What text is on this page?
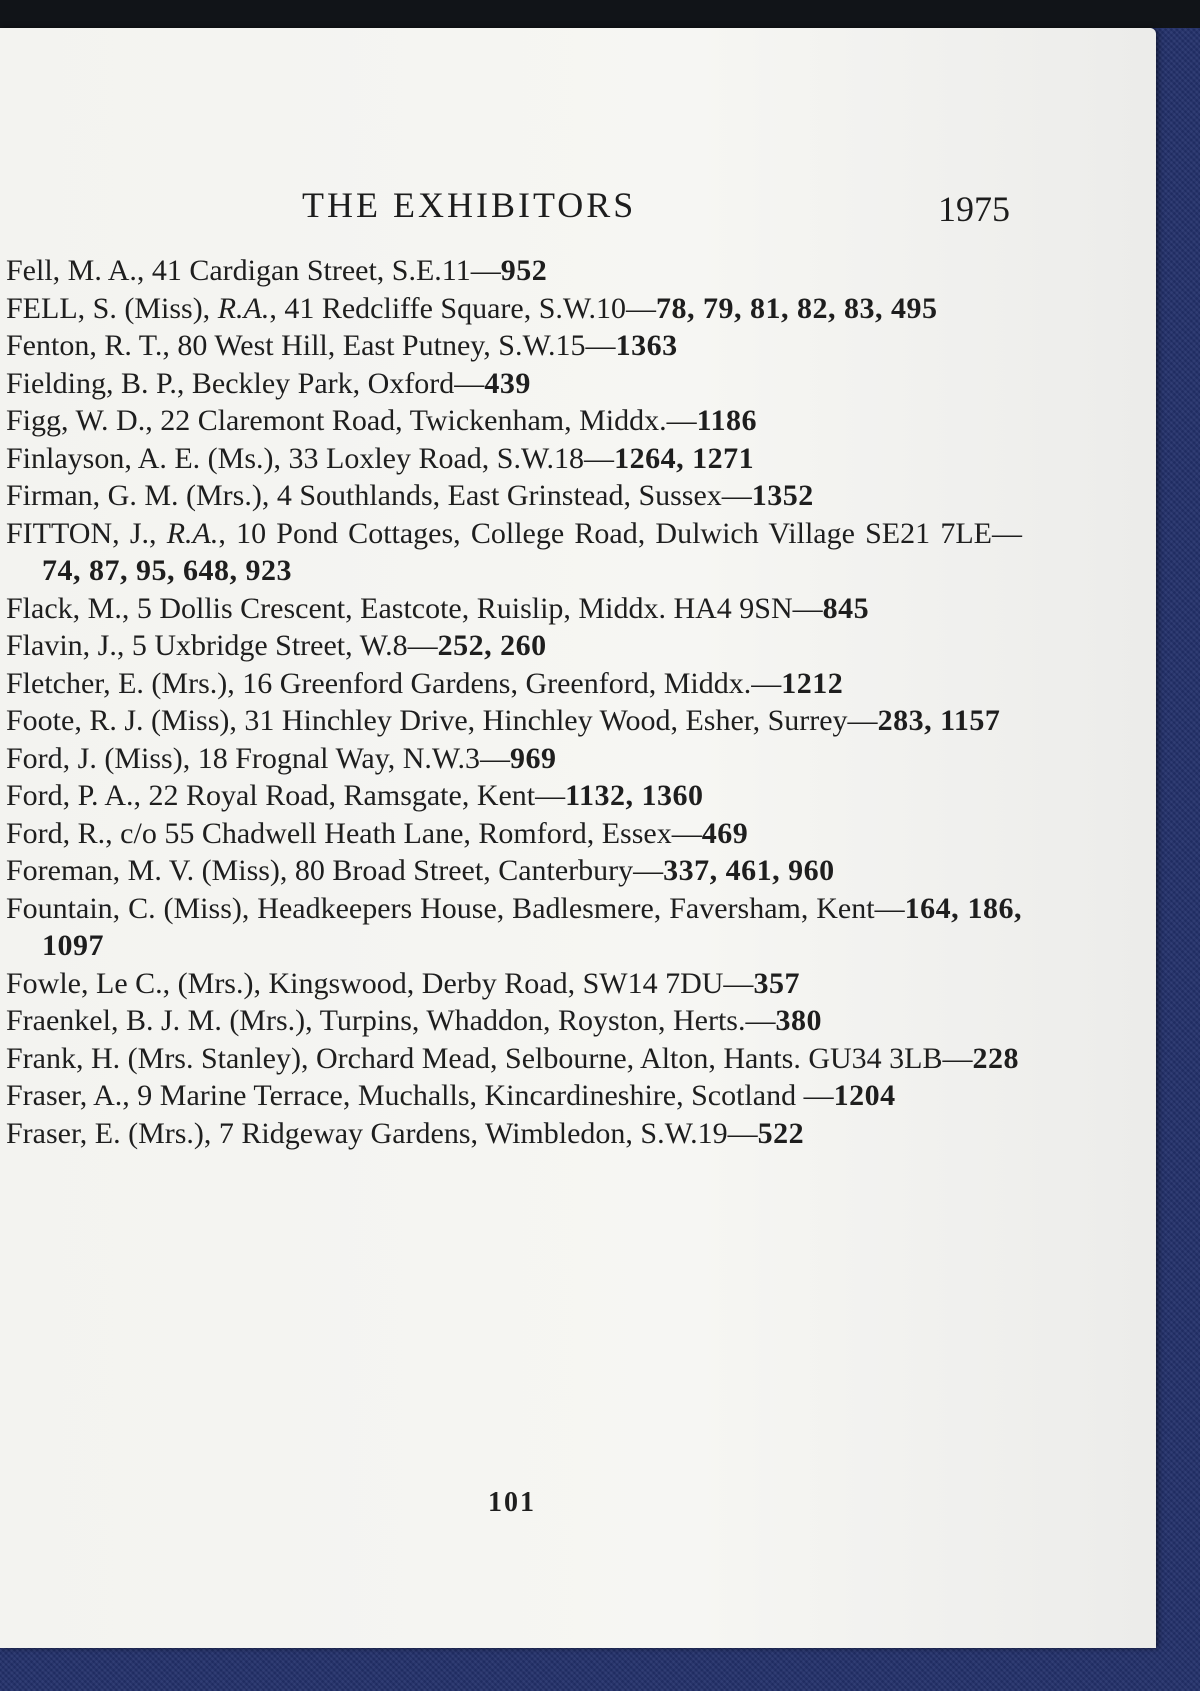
THE EXHIBITORS	1975
Fell, M. A., 41 Cardigan Street, S.E.11—952
FELL, S. (Miss), R.A., 41 Redcliffe Square, S.W.10—78, 79, 81, 82, 83, 495
Fenton, R. T., 80 West Hill, East Putney, S.W.15—1363
Fielding, B. P., Beckley Park, Oxford—439
Figg, W. D., 22 Claremont Road, Twickenham, Middx.—1186
Finlayson, A. E. (Ms.), 33 Loxley Road, S.W.18—1264, 1271
Firman, G. M. (Mrs.), 4 Southlands, East Grinstead, Sussex—1352
FITTON, J., R.A., 10 Pond Cottages, College Road, Dulwich Village SE21 7LE—74, 87, 95, 648, 923
Flack, M., 5 Dollis Crescent, Eastcote, Ruislip, Middx. HA4 9SN—845
Flavin, J., 5 Uxbridge Street, W.8—252, 260
Fletcher, E. (Mrs.), 16 Greenford Gardens, Greenford, Middx.—1212
Foote, R. J. (Miss), 31 Hinchley Drive, Hinchley Wood, Esher, Surrey—283, 1157
Ford, J. (Miss), 18 Frognal Way, N.W.3—969
Ford, P. A., 22 Royal Road, Ramsgate, Kent—1132, 1360
Ford, R., c/o 55 Chadwell Heath Lane, Romford, Essex—469
Foreman, M. V. (Miss), 80 Broad Street, Canterbury—337, 461, 960
Fountain, C. (Miss), Headkeepers House, Badlesmere, Faversham, Kent—164, 186, 1097
Fowle, Le C., (Mrs.), Kingswood, Derby Road, SW14 7DU—357
Fraenkel, B. J. M. (Mrs.), Turpins, Whaddon, Royston, Herts.—380
Frank, H. (Mrs. Stanley), Orchard Mead, Selbourne, Alton, Hants. GU34 3LB—228
Fraser, A., 9 Marine Terrace, Muchalls, Kincardineshire, Scotland —1204
Fraser, E. (Mrs.), 7 Ridgeway Gardens, Wimbledon, S.W.19—522
101
